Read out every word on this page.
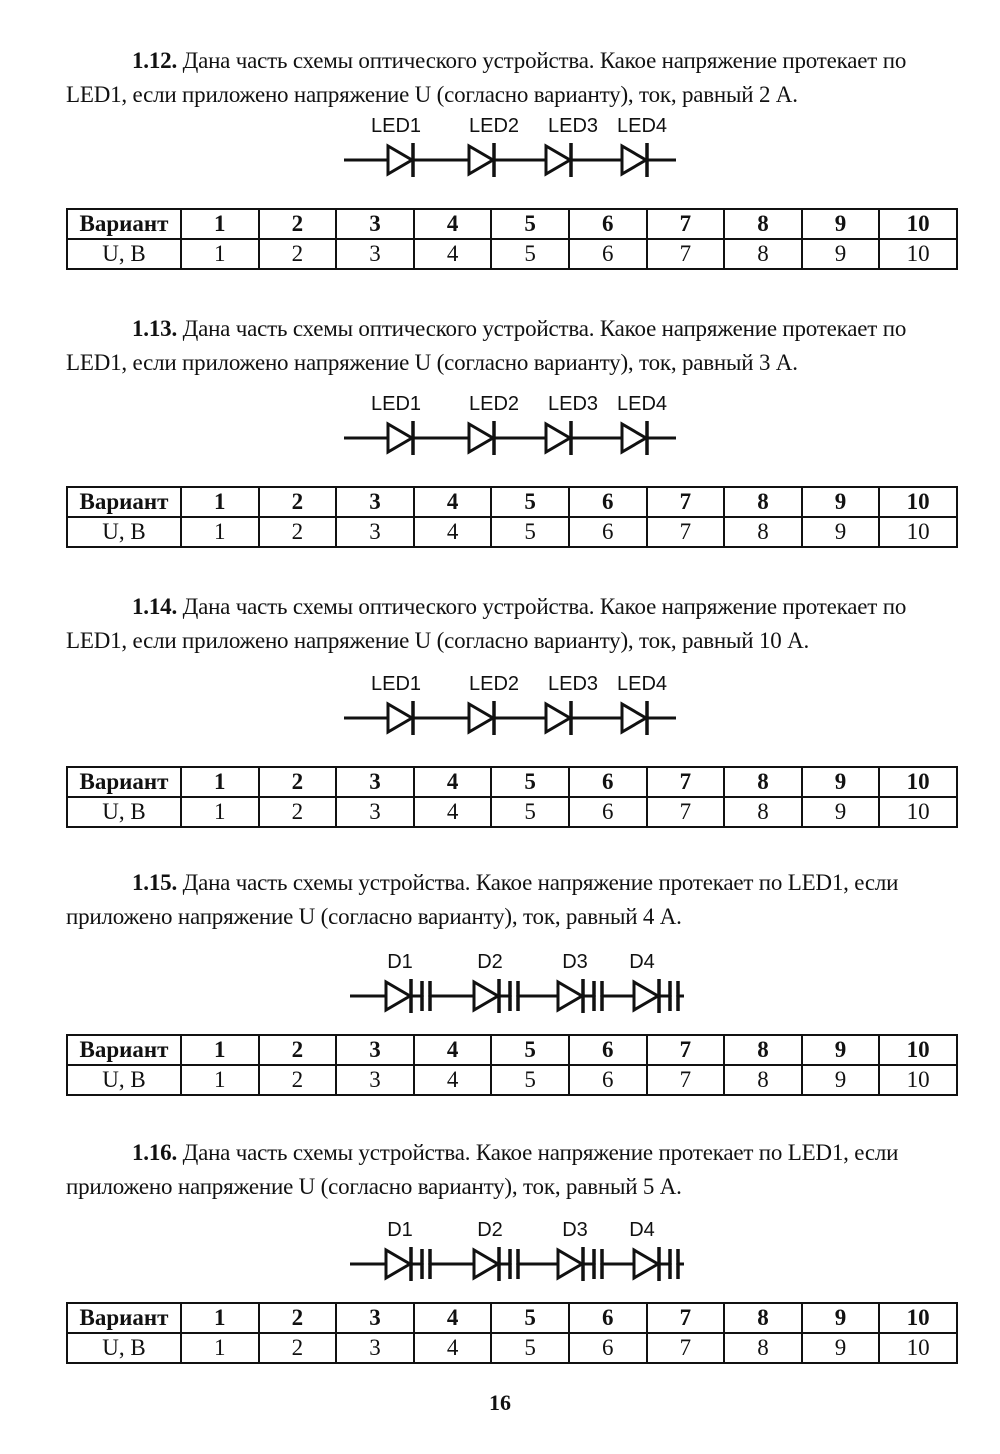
1.12. Дана часть схемы оптического устройства. Какое напряжение протекает по LED1, если приложено напряжение U (согласно варианту), ток, равный 2 А.
LED1 LED2 LED3 LED4
Вариант	1	2	3	4	5	6	7	8	9	10
U, В	1	2	3	4	5	6	7	8	9	10
1.13. Дана часть схемы оптического устройства. Какое напряжение протекает по LED1, если приложено напряжение U (согласно варианту), ток, равный 3 А.
LED1 LED2 LED3 LED4
Вариант	1	2	3	4	5	6	7	8	9	10
U, В	1	2	3	4	5	6	7	8	9	10
1.14. Дана часть схемы оптического устройства. Какое напряжение протекает по LED1, если приложено напряжение U (согласно варианту), ток, равный 10 А.
LED1 LED2 LED3 LED4
Вариант	1	2	3	4	5	6	7	8	9	10
U, В	1	2	3	4	5	6	7	8	9	10
1.15. Дана часть схемы устройства. Какое напряжение протекает по LED1, если приложено напряжение U (согласно варианту), ток, равный 4 А.
D1	D2	D3 D4
Вариант	1	2	3	4	5	6	7	8	9	10
U, В	1	2	3	4	5	6	7	8	9	10
1.16. Дана часть схемы устройства. Какое напряжение протекает по LED1, если приложено напряжение U (согласно варианту), ток, равный 5 А.
D1	D2	D3 D4
Вариант	1	2	3	4	5	6	7	8	9	10
U, В	1	2	3	4	5	6	7	8	9	10
16
